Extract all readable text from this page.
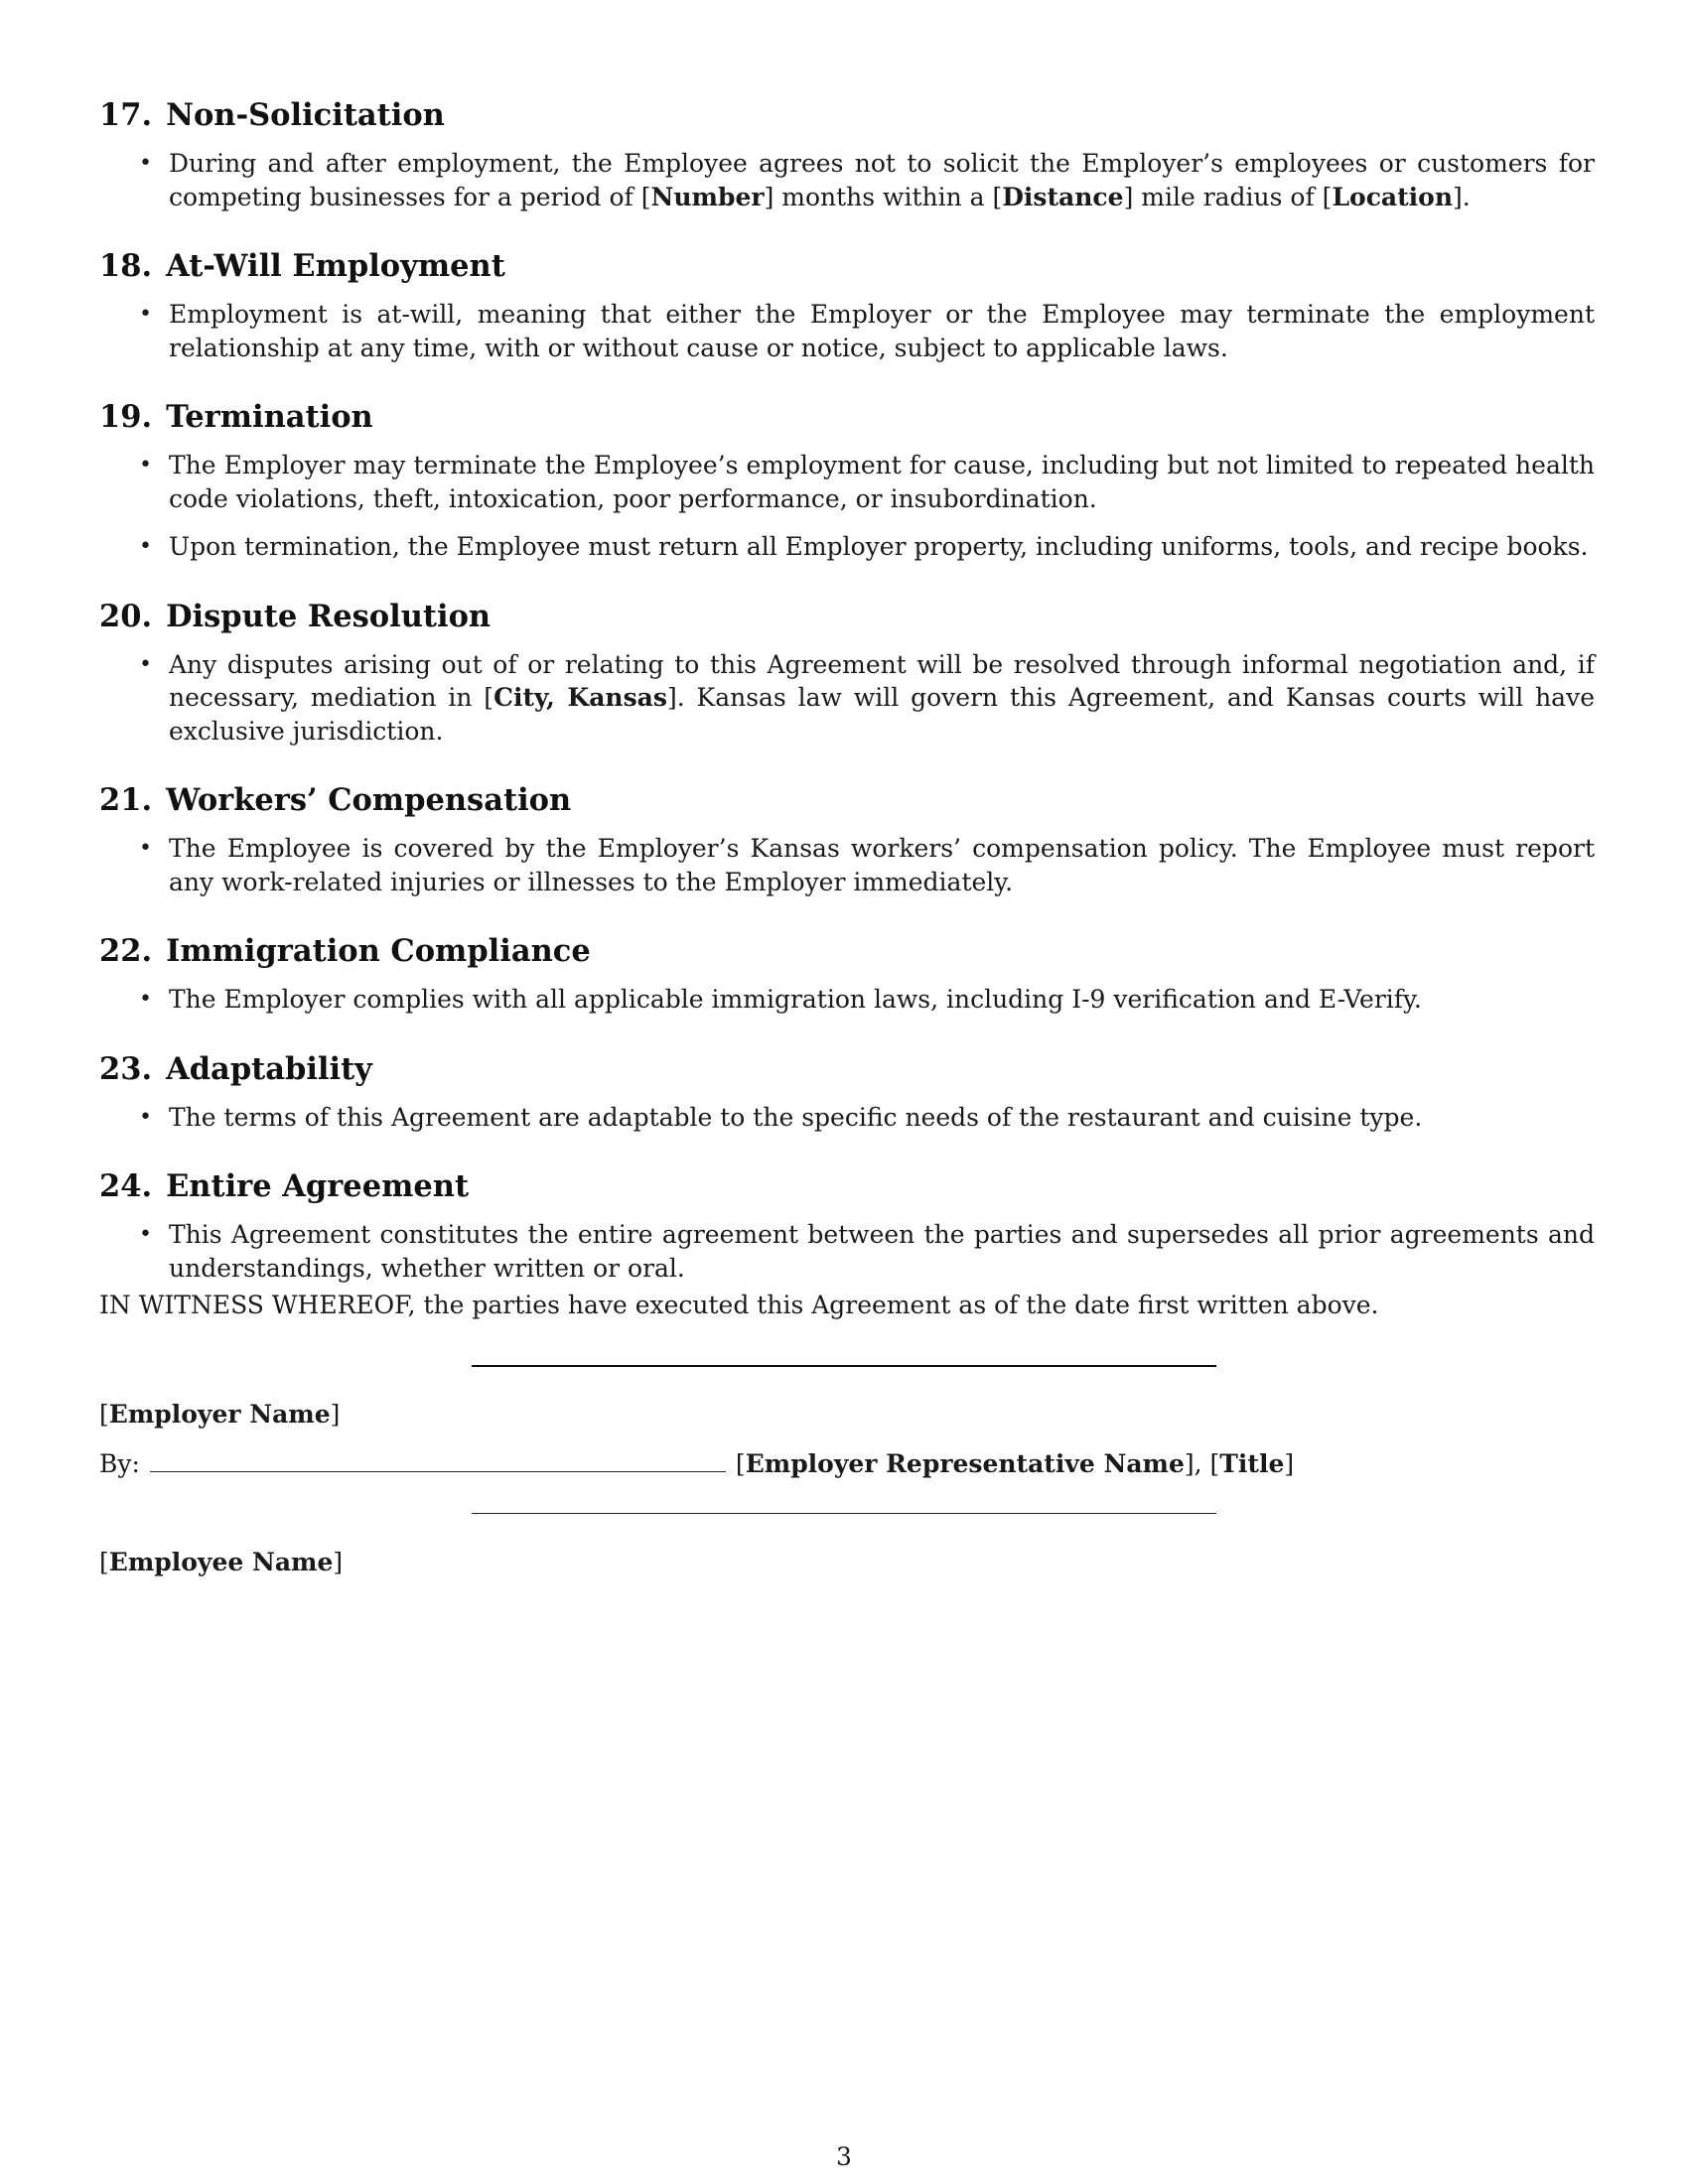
17. Non-Solicitation
• During and after employment, the Employee agrees not to solicit the Employer’s employees or customers for competing businesses for a period of [Number] months within a [Distance] mile radius of [Location].
18. At-Will Employment
• Employment is at-will, meaning that either the Employer or the Employee may terminate the employment relationship at any time, with or without cause or notice, subject to applicable laws.
19. Termination
• The Employer may terminate the Employee’s employment for cause, including but not limited to repeated health code violations, theft, intoxication, poor performance, or insubordination.
• Upon termination, the Employee must return all Employer property, including uniforms, tools, and recipe books.
20. Dispute Resolution
• Any disputes arising out of or relating to this Agreement will be resolved through informal negotiation and, if necessary, mediation in [City, Kansas]. Kansas law will govern this Agreement, and Kansas courts will have exclusive jurisdiction.
21. Workers’ Compensation
• The Employee is covered by the Employer’s Kansas workers’ compensation policy. The Employee must report any work-related injuries or illnesses to the Employer immediately.
22. Immigration Compliance
• The Employer complies with all applicable immigration laws, including I-9 verification and E-Verify.
23. Adaptability
• The terms of this Agreement are adaptable to the specific needs of the restaurant and cuisine type.
24. Entire Agreement
• This Agreement constitutes the entire agreement between the parties and supersedes all prior agreements and understandings, whether written or oral.

IN WITNESS WHEREOF, the parties have executed this Agreement as of the date first written above.

[Employer Name]
By:	[Employer Representative Name], [Title]
[Employee Name]
3
